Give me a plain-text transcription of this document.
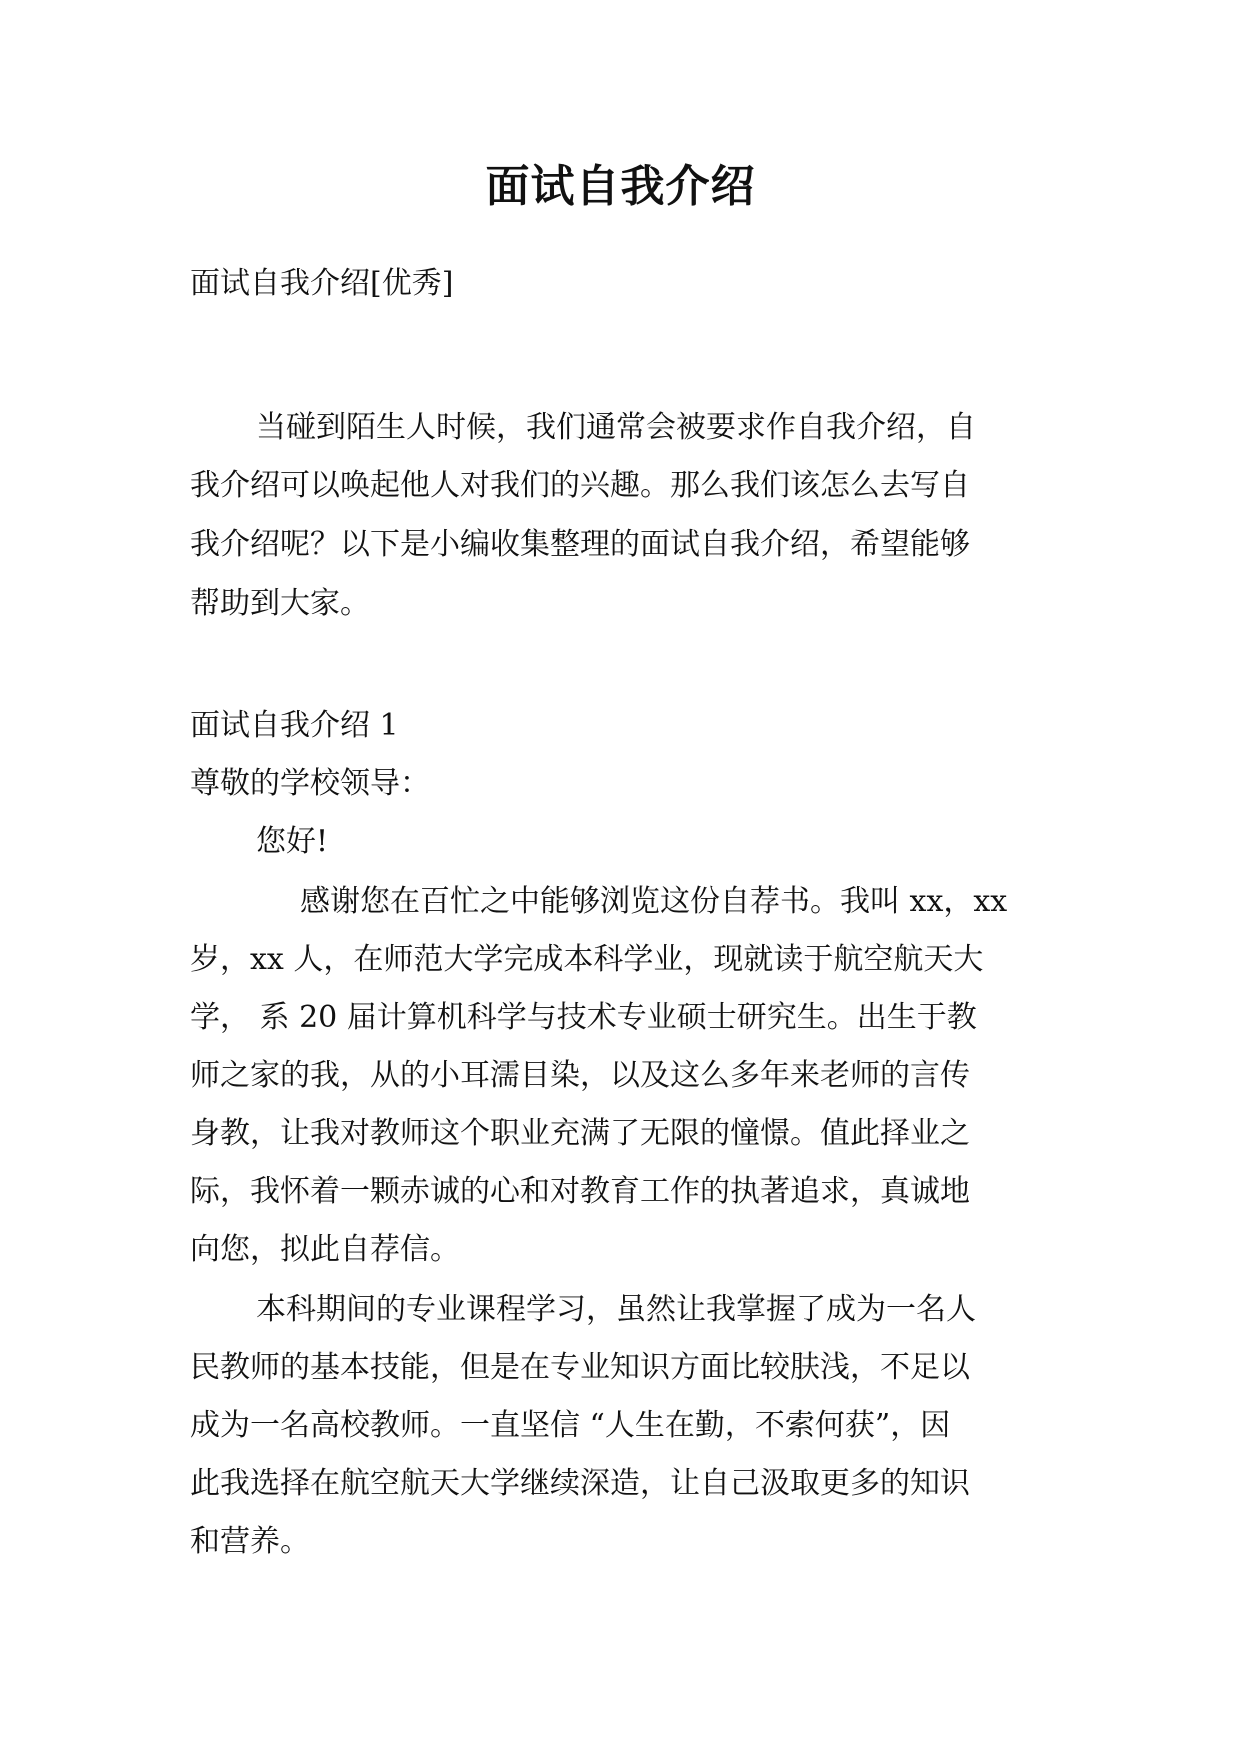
面试自我介绍

面试自我介绍[优秀]

当碰到陌生人时候，我们通常会被要求作自我介绍，自

我介绍可以唤起他人对我们的兴趣。那么我们该怎么去写自

我介绍呢？以下是小编收集整理的面试自我介绍，希望能够

帮助到大家。

面试自我介绍 1

尊敬的学校领导：

您好!

感谢您在百忙之中能够浏览这份自荐书。我叫 xx，xx

岁，xx 人，在师范大学完成本科学业，现就读于航空航天大

学， 系 20 届计算机科学与技术专业硕士研究生。出生于教

师之家的我，从的小耳濡目染，以及这么多年来老师的言传

身教，让我对教师这个职业充满了无限的憧憬。值此择业之

际，我怀着一颗赤诚的心和对教育工作的执著追求，真诚地

向您，拟此自荐信。

本科期间的专业课程学习，虽然让我掌握了成为一名人

民教师的基本技能，但是在专业知识方面比较肤浅，不足以

成为一名高校教师。一直坚信 “人生在勤，不索何获”，因

此我选择在航空航天大学继续深造，让自己汲取更多的知识

和营养。
